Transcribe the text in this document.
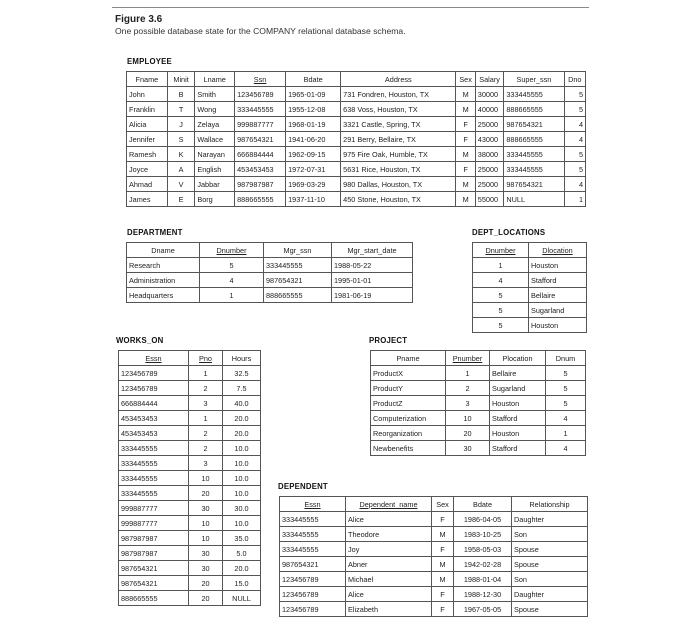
Figure 3.6
One possible database state for the COMPANY relational database schema.
EMPLOYEE
Fname	Minit	Lname	Ssn	Bdate	Address	Sex	Salary	Super_ssn	Dno
John	B	Smith	123456789	1965-01-09	731 Fondren, Houston, TX	M	30000	333445555	5
Franklin	T	Wong	333445555	1955-12-08	638 Voss, Houston, TX	M	40000	888665555	5
Alicia	J	Zelaya	999887777	1968-01-19	3321 Castle, Spring, TX	F	25000	987654321	4
Jennifer	S	Wallace	987654321	1941-06-20	291 Berry, Bellaire, TX	F	43000	888665555	4
Ramesh	K	Narayan	666884444	1962-09-15	975 Fire Oak, Humble, TX	M	38000	333445555	5
Joyce	A	English	453453453	1972-07-31	5631 Rice, Houston, TX	F	25000	333445555	5
Ahmad	V	Jabbar	987987987	1969-03-29	980 Dallas, Houston, TX	M	25000	987654321	4
James	E	Borg	888665555	1937-11-10	450 Stone, Houston, TX	M	55000	NULL	1
DEPARTMENT
Dname	Dnumber	Mgr_ssn	Mgr_start_date
Research	5	333445555	1988-05-22
Administration	4	987654321	1995-01-01
Headquarters	1	888665555	1981-06-19
DEPT_LOCATIONS
Dnumber	Dlocation
1	Houston
4	Stafford
5	Bellaire
5	Sugarland
5	Houston
WORKS_ON
Essn	Pno	Hours
123456789	1	32.5
123456789	2	7.5
666884444	3	40.0
453453453	1	20.0
453453453	2	20.0
333445555	2	10.0
333445555	3	10.0
333445555	10	10.0
333445555	20	10.0
999887777	30	30.0
999887777	10	10.0
987987987	10	35.0
987987987	30	5.0
987654321	30	20.0
987654321	20	15.0
888665555	20	NULL
PROJECT
Pname	Pnumber	Plocation	Dnum
ProductX	1	Bellaire	5
ProductY	2	Sugarland	5
ProductZ	3	Houston	5
Computerization	10	Stafford	4
Reorganization	20	Houston	1
Newbenefits	30	Stafford	4
DEPENDENT
Essn	Dependent_name	Sex	Bdate	Relationship
333445555	Alice	F	1986-04-05	Daughter
333445555	Theodore	M	1983-10-25	Son
333445555	Joy	F	1958-05-03	Spouse
987654321	Abner	M	1942-02-28	Spouse
123456789	Michael	M	1988-01-04	Son
123456789	Alice	F	1988-12-30	Daughter
123456789	Elizabeth	F	1967-05-05	Spouse
